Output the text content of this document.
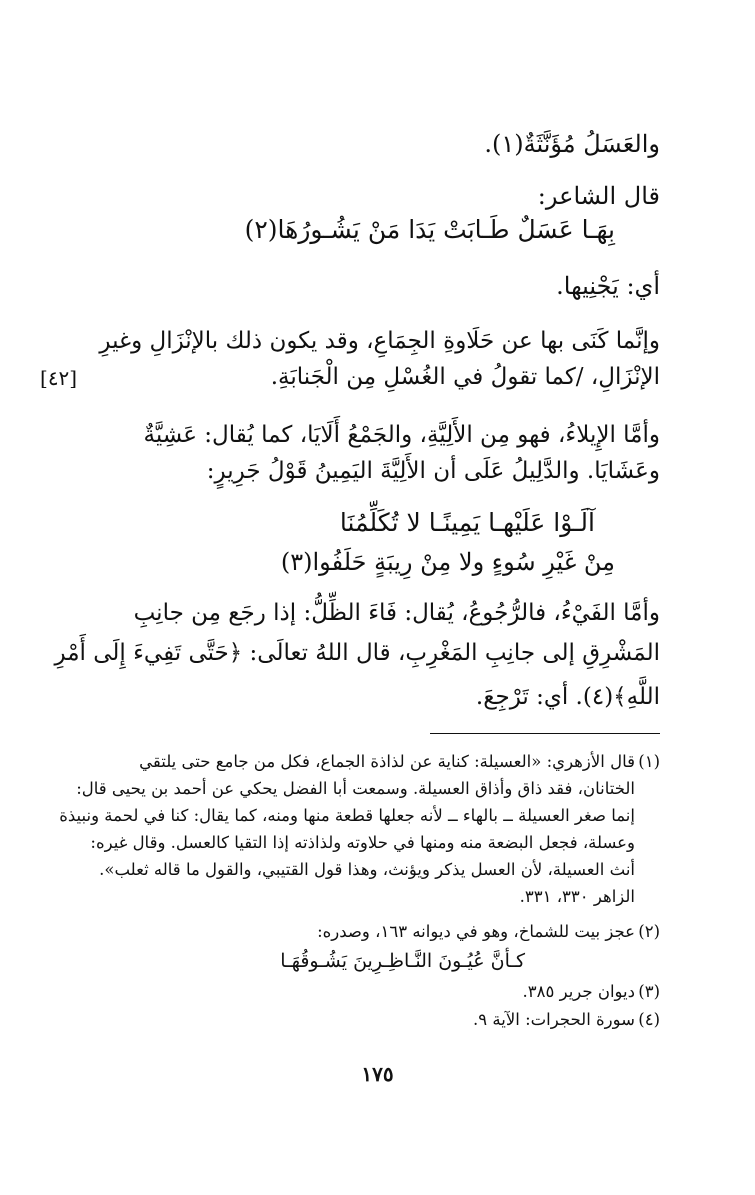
والعَسَلُ مُؤَنَّثَةٌ(١).
قال الشاعر:
بِهَـا عَسَلٌ طَـابَتْ يَدَا مَنْ يَشُـورُهَا(٢)
أي: يَجْنِيها.
وإنَّما كَنَى بها عن حَلَاوةِ الجِمَاعِ، وقد يكون ذلك بالإنْزَالِ وغيرِ
الإنْزَالِ، /كما تقولُ في الغُسْلِ مِن الْجَنابَةِ.
[٤٢]
وأمَّا الإِيلاءُ، فهو مِن الأَلِيَّةِ، والجَمْعُ أَلَايَا، كما يُقال: عَشِيَّةٌ
وعَشَايَا. والدَّلِيلُ عَلَى أن الأَلِيَّةَ اليَمِينُ قَوْلُ جَرِيرٍ:
آلَـوْا عَلَيْهـا يَمِينًـا لا تُكَلِّمُنَا
مِنْ غَيْرِ سُوءٍ ولا مِنْ رِيبَةٍ حَلَفُوا(٣)
وأمَّا الفَيْءُ، فالرُّجُوعُ، يُقال: فَاءَ الظِّلُّ: إذا رجَع مِن جانِبِ
المَشْرِقِ إلى جانِبِ المَغْرِبِ، قال اللهُ تعالَى: ﴿حَتَّى تَفِيءَ إِلَى أَمْرِ
اللَّهِ﴾(٤). أي: تَرْجِعَ.
(١)
قال الأزهري: «العسيلة: كناية عن لذاذة الجماع، فكل من جامع حتى يلتقي
الختانان، فقد ذاق وأذاق العسيلة. وسمعت أبا الفضل يحكي عن أحمد بن يحيى قال:
إنما صغر العسيلة ــ بالهاء ــ لأنه جعلها قطعة منها ومنه، كما يقال: كنا في لحمة ونبيذة
وعسلة، فجعل البضعة منه ومنها في حلاوته ولذاذته إذا التقيا كالعسل. وقال غيره:
أنث العسيلة، لأن العسل يذكر ويؤنث، وهذا قول القتيبي، والقول ما قاله ثعلب».
الزاهر ٣٣٠، ٣٣١.
(٢)
عجز بيت للشماخ، وهو في ديوانه ١٦٣، وصدره:
كـأنَّ عُيُـونَ النَّـاظِـرِينَ يَشُـوقُهَـا
(٣)
ديوان جرير ٣٨٥.
(٤)
سورة الحجرات: الآية ٩.
١٧٥
